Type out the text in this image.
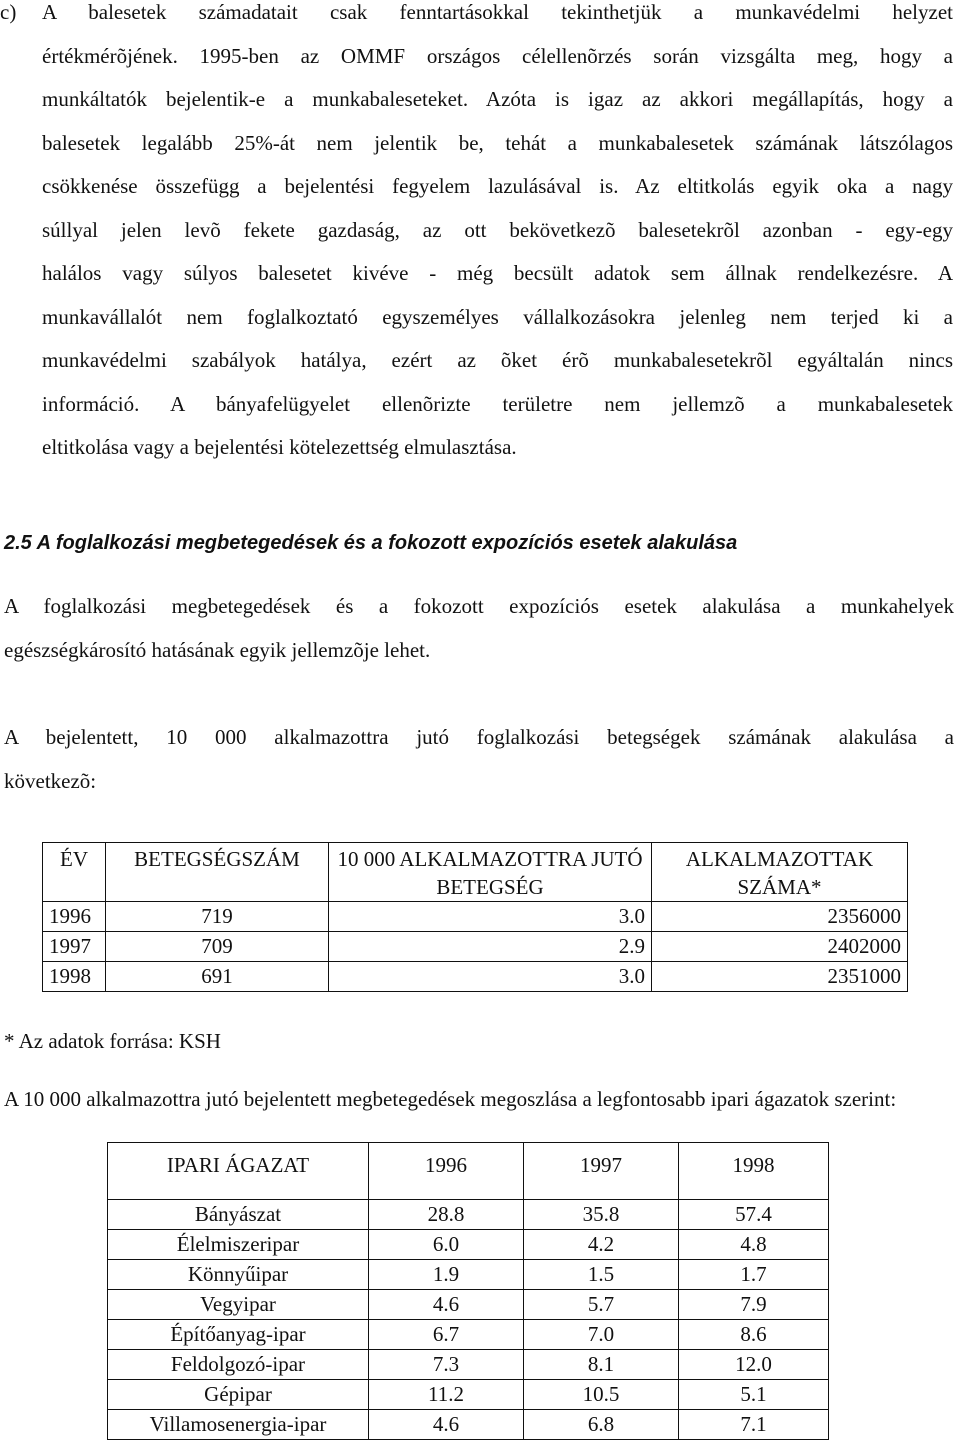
c) A balesetek számadatait csak fenntartásokkal tekinthetjük a munkavédelmi helyzet
értékmérõjének. 1995-ben az OMMF országos célellenõrzés során vizsgálta meg, hogy a
munkáltatók bejelentik-e a munkabaleseteket. Azóta is igaz az akkori megállapítás, hogy a
balesetek legalább 25%-át nem jelentik be, tehát a munkabalesetek számának látszólagos
csökkenése összefügg a bejelentési fegyelem lazulásával is. Az eltitkolás egyik oka a nagy
súllyal jelen levõ fekete gazdaság, az ott bekövetkezõ balesetekrõl azonban - egy-egy
halálos vagy súlyos balesetet kivéve - még becsült adatok sem állnak rendelkezésre. A
munkavállalót nem foglalkoztató egyszemélyes vállalkozásokra jelenleg nem terjed ki a
munkavédelmi szabályok hatálya, ezért az õket érõ munkabalesetekrõl egyáltalán nincs
információ. A bányafelügyelet ellenõrizte területre nem jellemzõ a munkabalesetek
eltitkolása vagy a bejelentési kötelezettség elmulasztása.
2.5 A foglalkozási megbetegedések és a fokozott expozíciós esetek alakulása
A foglalkozási megbetegedések és a fokozott expozíciós esetek alakulása a munkahelyek
egészségkárosító hatásának egyik jellemzõje lehet.
A bejelentett, 10 000 alkalmazottra jutó foglalkozási betegségek számának alakulása a
következõ:
ÉV	BETEGSÉGSZÁM	10 000 ALKALMAZOTTRA JUTÓ BETEGSÉG	ALKALMAZOTTAK SZÁMA*
1996	719	3.0	2356000
1997	709	2.9	2402000
1998	691	3.0	2351000
* Az adatok forrása: KSH
A 10 000 alkalmazottra jutó bejelentett megbetegedések megoszlása a legfontosabb ipari ágazatok szerint:
IPARI ÁGAZAT	1996	1997	1998
Bányászat	28.8	35.8	57.4
Élelmiszeripar	6.0	4.2	4.8
Könnyűipar	1.9	1.5	1.7
Vegyipar	4.6	5.7	7.9
Építőanyag-ipar	6.7	7.0	8.6
Feldolgozó-ipar	7.3	8.1	12.0
Gépipar	11.2	10.5	5.1
Villamosenergia-ipar	4.6	6.8	7.1
